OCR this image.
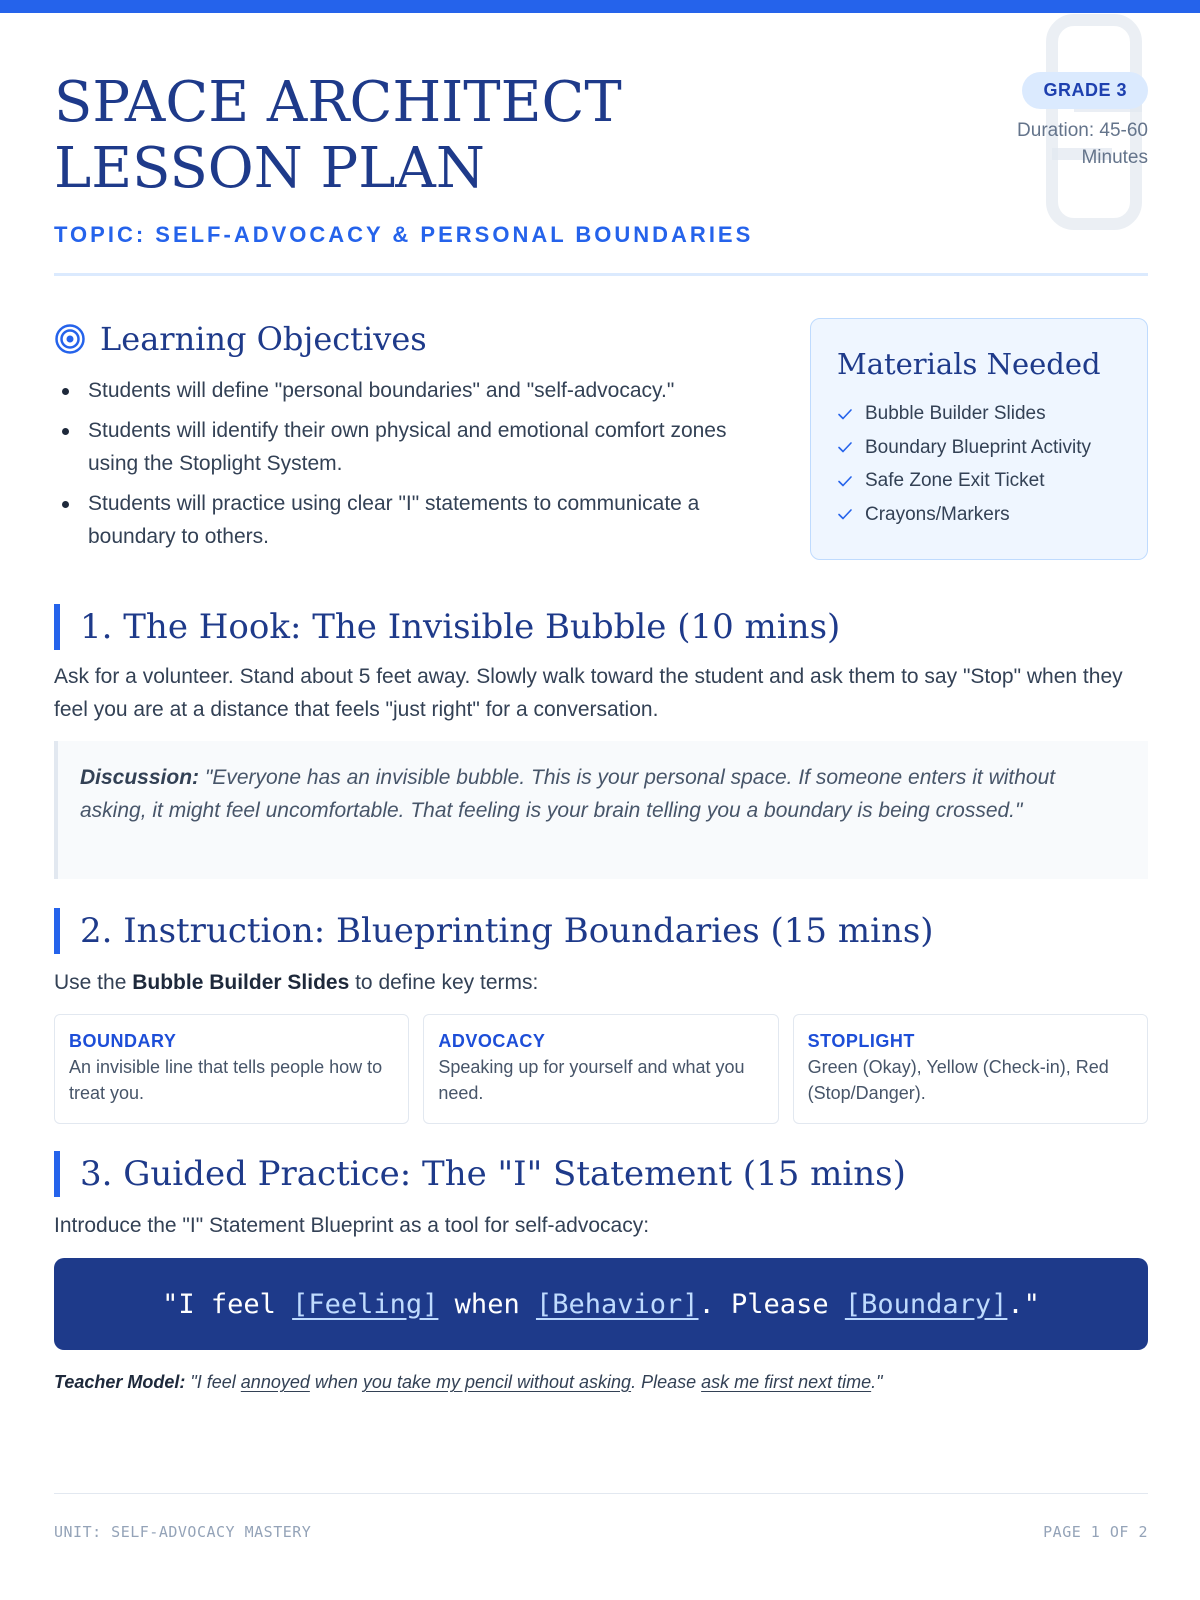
SPACE ARCHITECT LESSON PLAN
TOPIC: SELF-ADVOCACY & PERSONAL BOUNDARIES
GRADE 3
Duration: 45-60 Minutes
Learning Objectives
Students will define "personal boundaries" and "self-advocacy."
Students will identify their own physical and emotional comfort zones using the Stoplight System.
Students will practice using clear "I" statements to communicate a boundary to others.
Materials Needed
Bubble Builder Slides
Boundary Blueprint Activity
Safe Zone Exit Ticket
Crayons/Markers
1. The Hook: The Invisible Bubble (10 mins)

Ask for a volunteer. Stand about 5 feet away. Slowly walk toward the student and ask them to say "Stop" when they feel you are at a distance that feels "just right" for a conversation.

Discussion: "Everyone has an invisible bubble. This is your personal space. If someone enters it without asking, it might feel uncomfortable. That feeling is your brain telling you a boundary is being crossed."
2. Instruction: Blueprinting Boundaries (15 mins)

Use the Bubble Builder Slides to define key terms:

BOUNDARY
An invisible line that tells people how to treat you.
ADVOCACY
Speaking up for yourself and what you need.
STOPLIGHT
Green (Okay), Yellow (Check-in), Red (Stop/Danger).
3. Guided Practice: The "I" Statement (15 mins)

Introduce the "I" Statement Blueprint as a tool for self-advocacy:

"I feel [Feeling] when [Behavior] . Please [Boundary] ."

Teacher Model: "I feel annoyed when you take my pencil without asking. Please ask me first next time."

UNIT: SELF-ADVOCACY MASTERY	PAGE 1 OF 2
